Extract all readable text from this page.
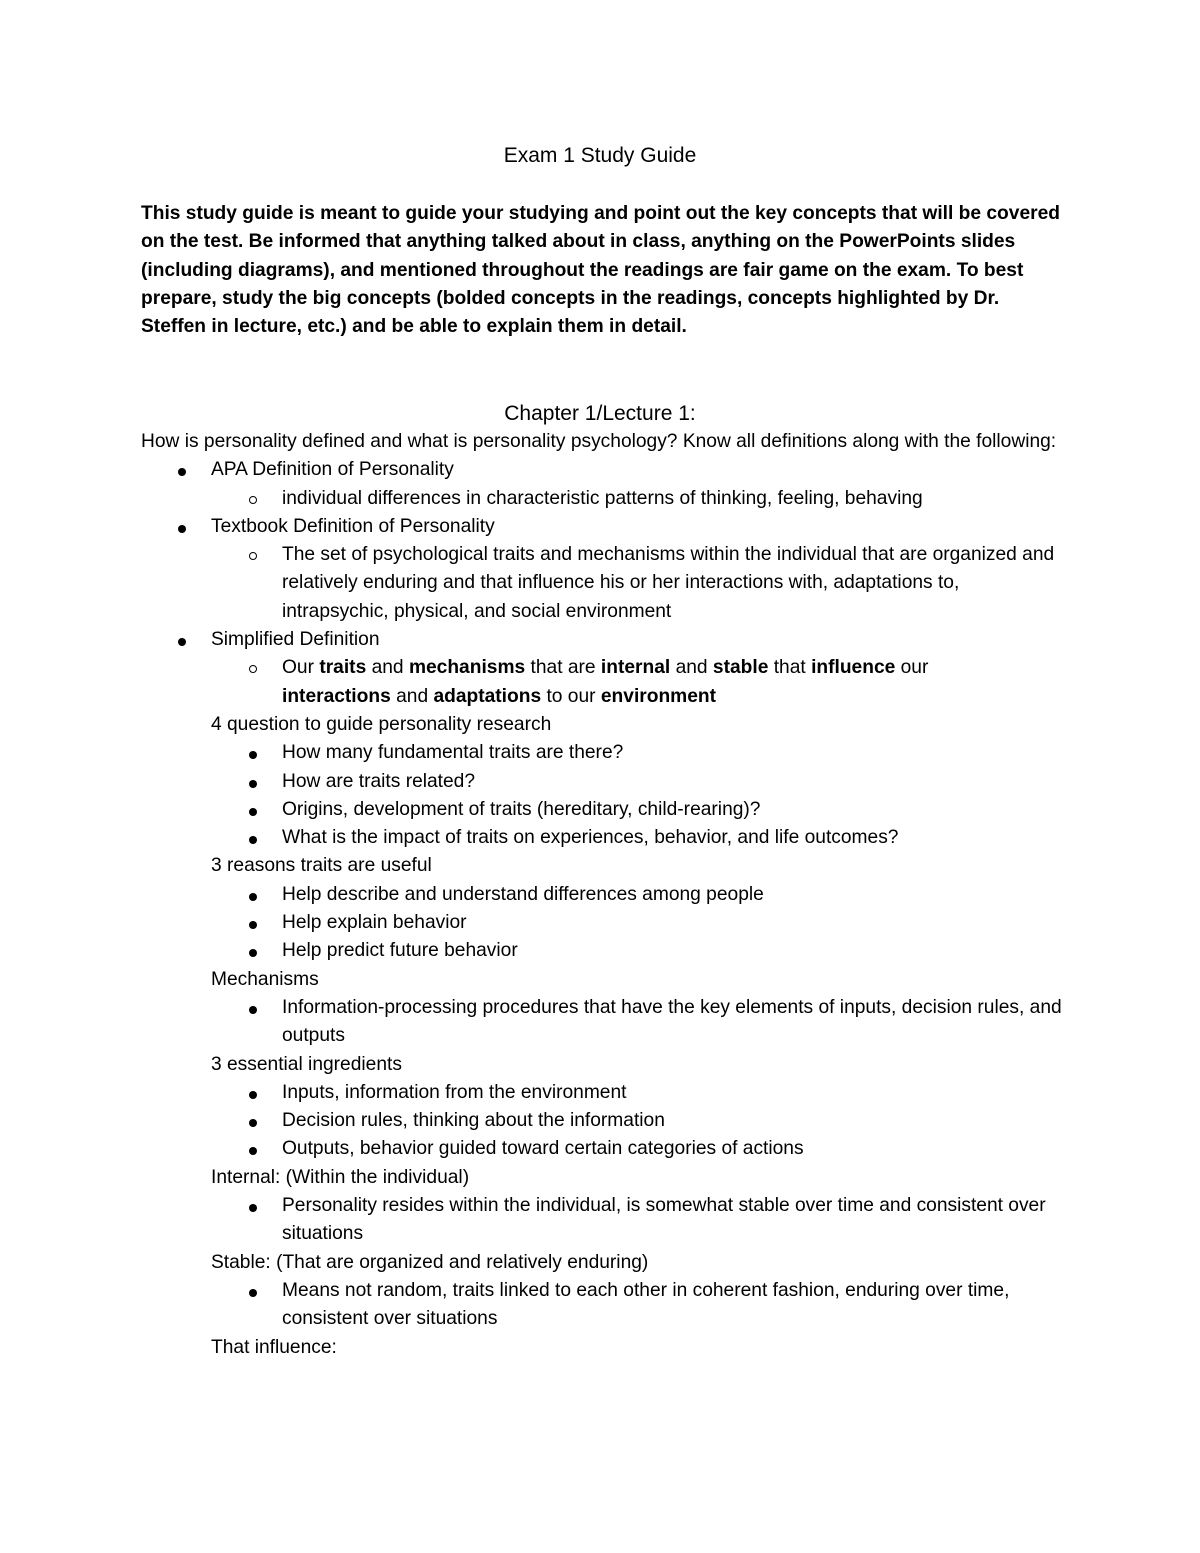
Exam 1 Study Guide

This study guide is meant to guide your studying and point out the key concepts that will be covered on the test. Be informed that anything talked about in class, anything on the PowerPoints slides (including diagrams), and mentioned throughout the readings are fair game on the exam. To best prepare, study the big concepts (bolded concepts in the readings, concepts highlighted by Dr. Steffen in lecture, etc.) and be able to explain them in detail.

Chapter 1/Lecture 1:
How is personality defined and what is personality psychology? Know all definitions along with the following:
APA Definition of Personality
individual differences in characteristic patterns of thinking, feeling, behaving
Textbook Definition of Personality
The set of psychological traits and mechanisms within the individual that are organized and relatively enduring and that influence his or her interactions with, adaptations to, intrapsychic, physical, and social environment
Simplified Definition
Our traits and mechanisms that are internal and stable that influence our
interactions and adaptations to our environment
4 question to guide personality research
How many fundamental traits are there?
How are traits related?
Origins, development of traits (hereditary, child-rearing)?
What is the impact of traits on experiences, behavior, and life outcomes?
3 reasons traits are useful
Help describe and understand differences among people
Help explain behavior
Help predict future behavior
Mechanisms
Information-processing procedures that have the key elements of inputs, decision rules, and outputs
3 essential ingredients
Inputs, information from the environment
Decision rules, thinking about the information
Outputs, behavior guided toward certain categories of actions
Internal: (Within the individual)
Personality resides within the individual, is somewhat stable over time and consistent over situations
Stable: (That are organized and relatively enduring)
Means not random, traits linked to each other in coherent fashion, enduring over time, consistent over situations
That influence:
